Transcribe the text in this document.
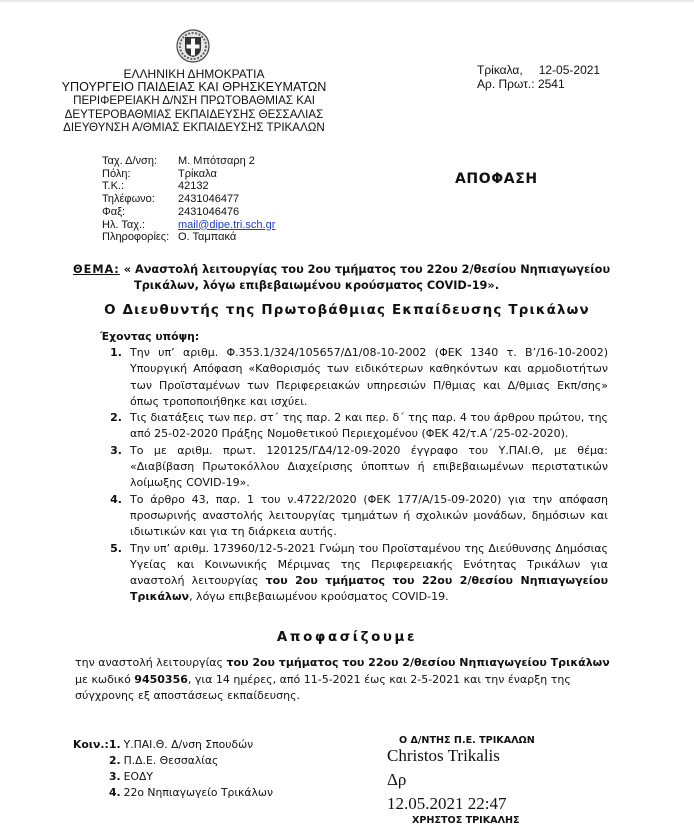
ΕΛΛΗΝΙΚΗ ΔΗΜΟΚΡΑΤΙΑ
ΥΠΟΥΡΓΕΙΟ ΠΑΙΔΕΙΑΣ ΚΑΙ ΘΡΗΣΚΕΥΜΑΤΩΝ
ΠΕΡΙΦΕΡΕΙΑΚΗ Δ/ΝΣΗ ΠΡΩΤΟΒΑΘΜΙΑΣ ΚΑΙ
ΔΕΥΤΕΡΟΒΑΘΜΙΑΣ ΕΚΠΑΙΔΕΥΣΗΣ ΘΕΣΣΑΛΙΑΣ
ΔΙΕΥΘΥΝΣΗ Α/ΘΜΙΑΣ ΕΚΠΑΙΔΕΥΣΗΣ ΤΡΙΚΑΛΩΝ
Τρίκαλα, 12-05-2021
Αρ. Πρωτ.: 2541
Ταχ. Δ/νση:	Μ. Μπότσαρη 2
Πόλη:	Τρίκαλα
Τ.Κ.:	42132
Τηλέφωνο:	2431046477
Φαξ:	2431046476
Ηλ. Ταχ.:	mail@dipe.tri.sch.gr
Πληροφορίες: Ο. Ταμπακά
ΑΠΟΦΑΣΗ
ΘΕΜΑ: « Αναστολή λειτουργίας του 2ου τμήματος του 22ου 2/θεσίου Νηπιαγωγείου
Τρικάλων, λόγω επιβεβαιωμένου κρούσματος COVID-19».
Ο Διευθυντής της Πρωτοβάθμιας Εκπαίδευσης Τρικάλων
Έχοντας υπόψη:
1. Την υπ’ αριθμ. Φ.353.1/324/105657/Δ1/08-10-2002 (ΦΕΚ 1340 τ. Β’/16-10-2002) Υπουργική Απόφαση «Καθορισμός των ειδικότερων καθηκόντων και αρμοδιοτήτων των Προϊσταμένων των Περιφερειακών υπηρεσιών Π/θμιας και Δ/θμιας Εκπ/σης» όπως τροποποιήθηκε και ισχύει.
2. Τις διατάξεις των περ. στ΄ της παρ. 2 και περ. δ΄ της παρ. 4 του άρθρου πρώτου, της από 25-02-2020 Πράξης Νομοθετικού Περιεχομένου (ΦΕΚ 42/τ.Α΄/25-02-2020).
3. Το με αριθμ. πρωτ. 120125/ΓΔ4/12-09-2020 έγγραφο του Υ.ΠΑΙ.Θ, με θέμα: «Διαβίβαση Πρωτοκόλλου Διαχείρισης ύποπτων ή επιβεβαιωμένων περιστατικών λοίμωξης COVID-19».
4. Το άρθρο 43, παρ. 1 του ν.4722/2020 (ΦΕΚ 177/Α/15-09-2020) για την απόφαση προσωρινής αναστολής λειτουργίας τμημάτων ή σχολικών μονάδων, δημόσιων και ιδιωτικών και για τη διάρκεια αυτής.
5. Την υπ’ αριθμ. 173960/12-5-2021 Γνώμη του Προϊσταμένου της Διεύθυνσης Δημόσιας Υγείας και Κοινωνικής Μέριμνας της Περιφερειακής Ενότητας Τρικάλων για αναστολή λειτουργίας του 2ου τμήματος του 22ου 2/θεσίου Νηπιαγωγείου Τρικάλων, λόγω επιβεβαιωμένου κρούσματος COVID-19.
Αποφασίζουμε
την αναστολή λειτουργίας του 2ου τμήματος του 22ου 2/θεσίου Νηπιαγωγείου Τρικάλων
με κωδικό 9450356, για 14 ημέρες, από 11-5-2021 έως και 2-5-2021 και την έναρξη της
σύγχρονης εξ αποστάσεως εκπαίδευσης.
Κοιν.: 1. Υ.ΠΑΙ.Θ. Δ/νση Σπουδών
2. Π.Δ.Ε. Θεσσαλίας
3. ΕΟΔΥ
4. 22ο Νηπιαγωγείο Τρικάλων
Ο Δ/ΝΤΗΣ Π.Ε. ΤΡΙΚΑΛΩΝ
Christos Trikalis
Δρ
12.05.2021 22:47
ΧΡΗΣΤΟΣ ΤΡΙΚΑΛΗΣ
